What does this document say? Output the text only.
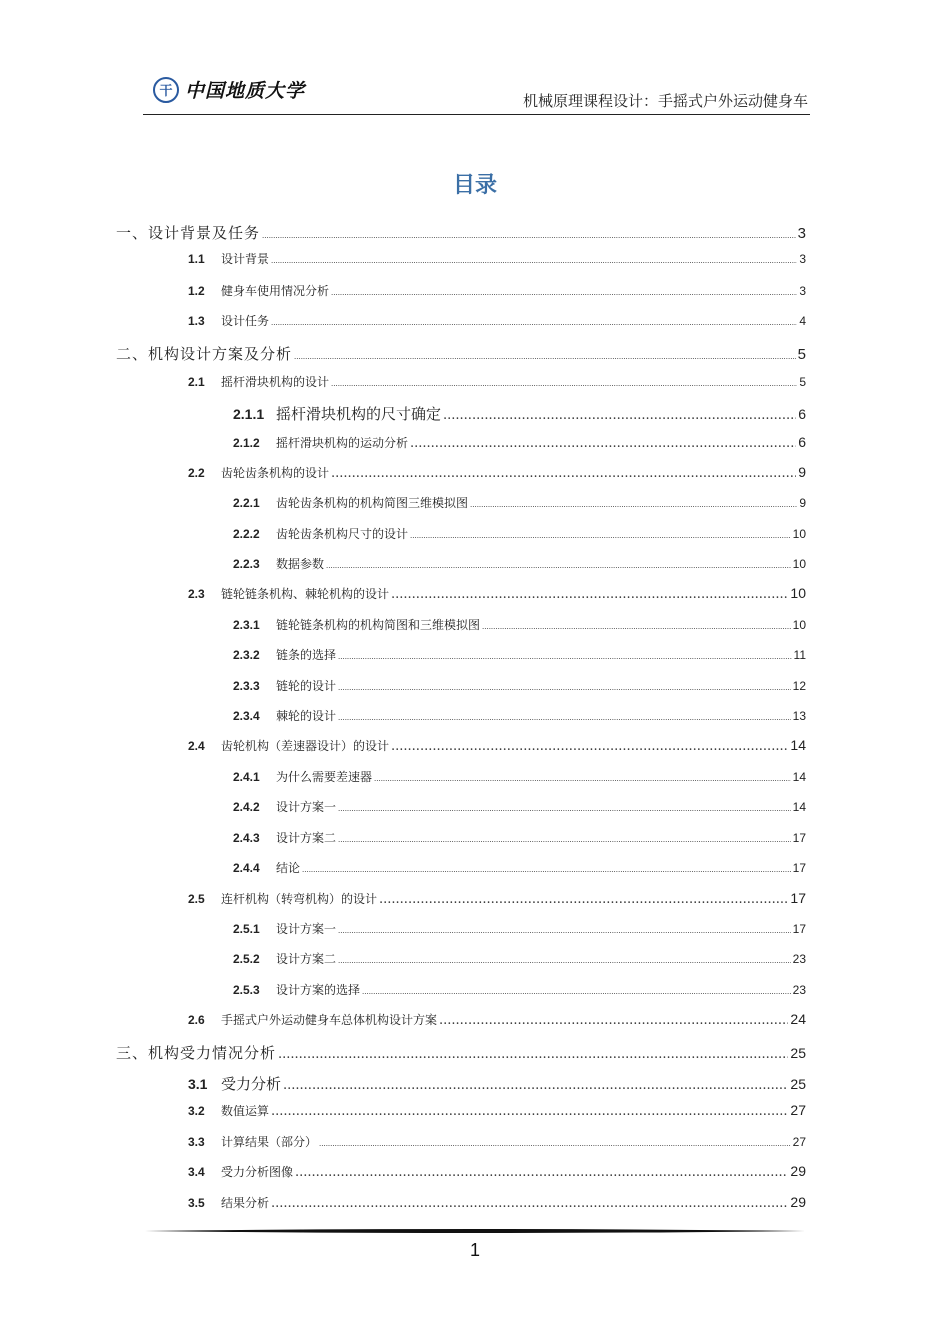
干 中国地质大学	机械原理课程设计：手摇式户外运动健身车
目录
一、设计背景及任务 .....	3
1.1	设计背景 .....	3
1.2	健身车使用情况分析 .....	3
1.3	设计任务 .....	4
二、机构设计方案及分析 .....	5
2.1	摇杆滑块机构的设计 .....	5
2.1.1 摇杆滑块机构的尺寸确定 .....	6
2.1.2	摇杆滑块机构的运动分析 .....	6
2.2	齿轮齿条机构的设计 .....	9
2.2.1	齿轮齿条机构的机构简图三维模拟图 .....	9
2.2.2	齿轮齿条机构尺寸的设计 .....	10
2.2.3	数据参数 .....	10
2.3	链轮链条机构、棘轮机构的设计 .....	10
2.3.1	链轮链条机构的机构简图和三维模拟图 .....	10
2.3.2	链条的选择 .....	11
2.3.3	链轮的设计 .....	12
2.3.4	棘轮的设计 .....	13
2.4	齿轮机构（差速器设计）的设计 .....	14
2.4.1	为什么需要差速器 .....	14
2.4.2	设计方案一 .....	14
2.4.3	设计方案二 .....	17
2.4.4	结论 .....	17
2.5	连杆机构（转弯机构）的设计 .....	17
2.5.1	设计方案一 .....	17
2.5.2	设计方案二 .....	23
2.5.3	设计方案的选择 .....	23
2.6	手摇式户外运动健身车总体机构设计方案 .....	24
三、机构受力情况分析 .....	25
3.1 受力分析 .....	25
3.2	数值运算 .....	27
3.3	计算结果（部分） .....	27
3.4	受力分析图像 .....	29
3.5	结果分析 .....	29
1
